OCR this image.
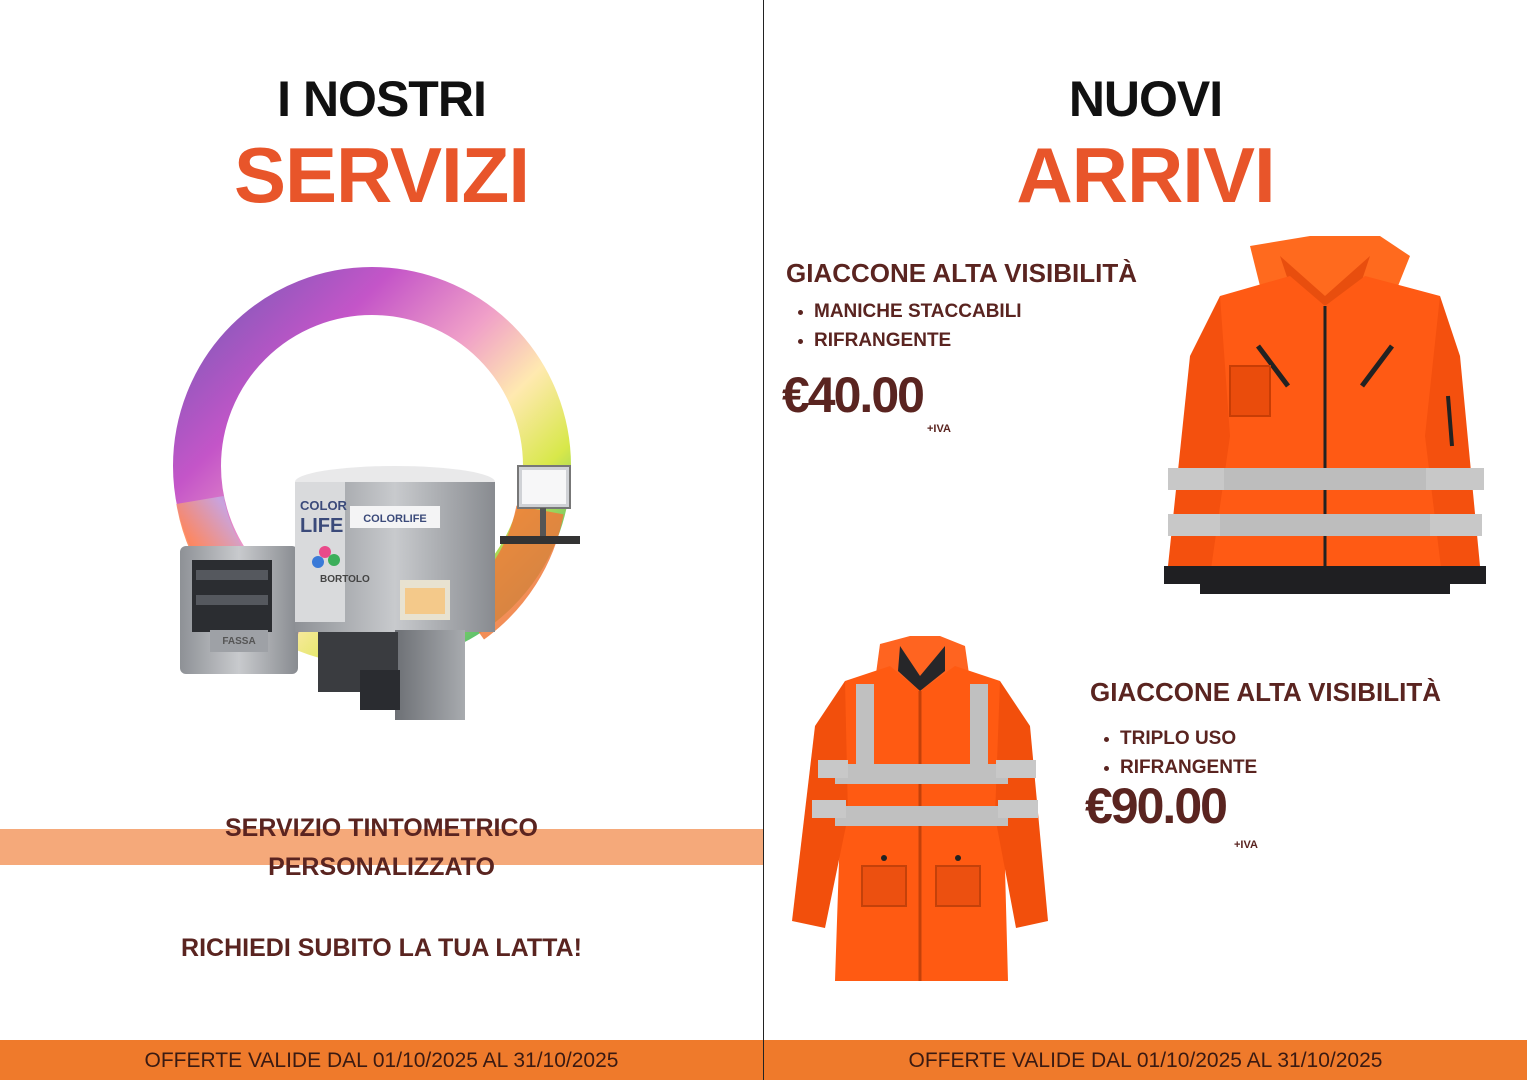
I NOSTRI
SERVIZI
FASSA
COLOR
LIFE COLORLIFE
BORTOLO
SERVIZIO TINTOMETRICO
PERSONALIZZATO
RICHIEDI SUBITO LA TUA LATTA!
OFFERTE VALIDE DAL 01/10/2025 AL 31/10/2025
NUOVI
ARRIVI
GIACCONE ALTA VISIBILITÀ
MANICHE STACCABILI
RIFRANGENTE
€40.00
+IVA
GIACCONE ALTA VISIBILITÀ
TRIPLO USO
RIFRANGENTE
€90.00
+IVA
OFFERTE VALIDE DAL 01/10/2025 AL 31/10/2025
